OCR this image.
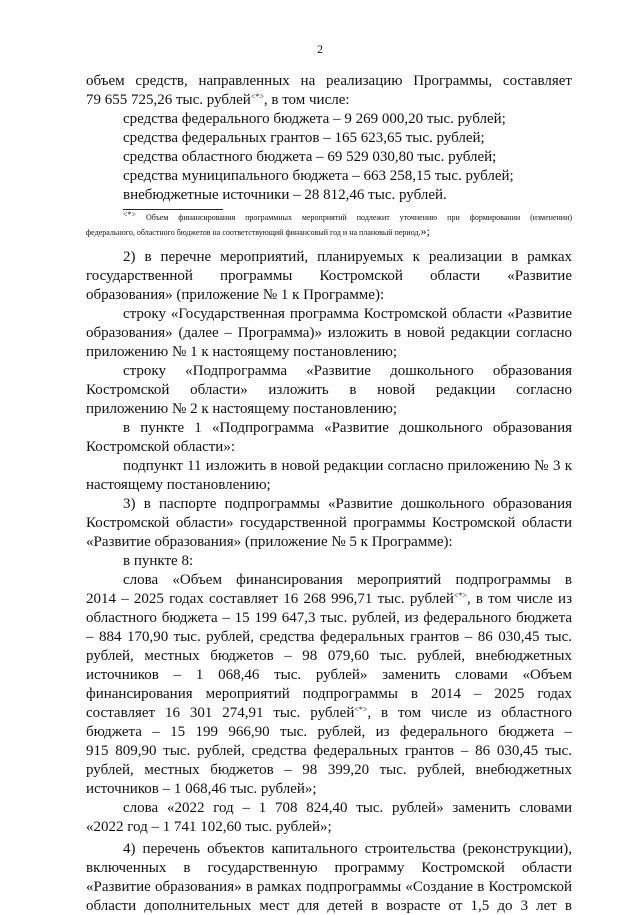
2
объем средств, направленных на реализацию Программы, составляет
79 655 725,26 тыс. рублей<*>, в том числе:
средства федерального бюджета – 9 269 000,20 тыс. рублей;
средства федеральных грантов – 165 623,65 тыс. рублей;
средства областного бюджета – 69 529 030,80 тыс. рублей;
средства муниципального бюджета – 663 258,15 тыс. рублей;
внебюджетные источники – 28 812,46 тыс. рублей.
<*> Объем финансирования программных мероприятий подлежит уточнению при формировании (изменении)
федерального, областного бюджетов на соответствующий финансовый год и на плановый период.»;
2) в перечне мероприятий, планируемых к реализации в рамках
государственной программы Костромской области «Развитие
образования» (приложение № 1 к Программе):
строку «Государственная программа Костромской области «Развитие
образования» (далее – Программа)» изложить в новой редакции согласно
приложению № 1 к настоящему постановлению;
строку «Подпрограмма «Развитие дошкольного образования
Костромской области» изложить в новой редакции согласно
приложению № 2 к настоящему постановлению;
в пункте 1 «Подпрограмма «Развитие дошкольного образования
Костромской области»:
подпункт 11 изложить в новой редакции согласно приложению № 3 к
настоящему постановлению;
3) в паспорте подпрограммы «Развитие дошкольного образования
Костромской области» государственной программы Костромской области
«Развитие образования» (приложение № 5 к Программе):
в пункте 8:
слова «Объем финансирования мероприятий подпрограммы в
2014 – 2025 годах составляет 16 268 996,71 тыс. рублей<*>, в том числе из
областного бюджета – 15 199 647,3 тыс. рублей, из федерального бюджета
– 884 170,90 тыс. рублей, средства федеральных грантов – 86 030,45 тыс.
рублей, местных бюджетов – 98 079,60 тыс. рублей, внебюджетных
источников – 1 068,46 тыс. рублей» заменить словами «Объем
финансирования мероприятий подпрограммы в 2014 – 2025 годах
составляет 16 301 274,91 тыс. рублей<*>, в том числе из областного
бюджета – 15 199 966,90 тыс. рублей, из федерального бюджета –
915 809,90 тыс. рублей, средства федеральных грантов – 86 030,45 тыс.
рублей, местных бюджетов – 98 399,20 тыс. рублей, внебюджетных
источников – 1 068,46 тыс. рублей»;
слова «2022 год – 1 708 824,40 тыс. рублей» заменить словами
«2022 год – 1 741 102,60 тыс. рублей»;
4) перечень объектов капитального строительства (реконструкции),
включенных в государственную программу Костромской области
«Развитие образования» в рамках подпрограммы «Создание в Костромской
области дополнительных мест для детей в возрасте от 1,5 до 3 лет в
